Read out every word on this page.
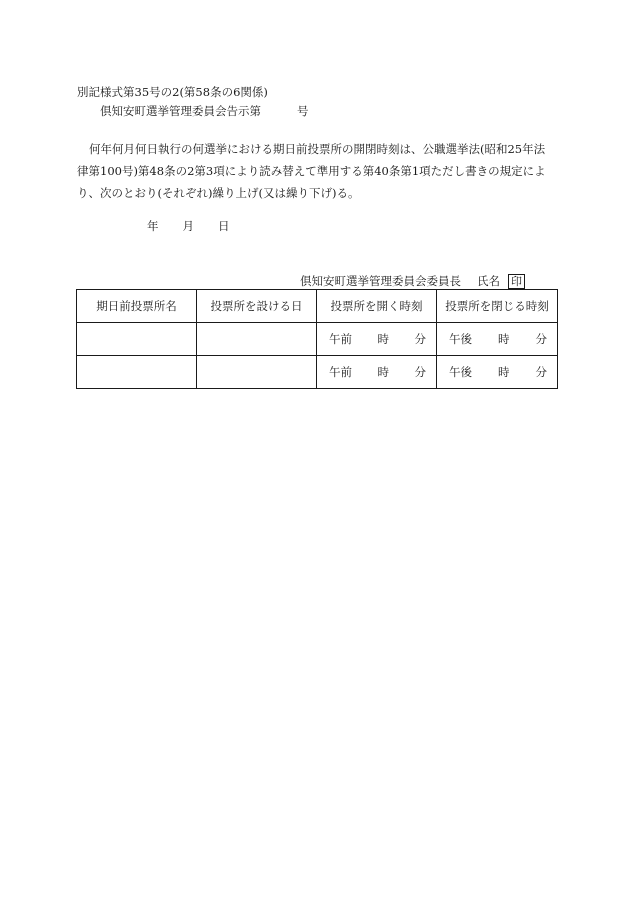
別記様式第35号の2(第58条の6関係)
倶知安町選挙管理委員会告示第	号
何年何月何日執行の何選挙における期日前投票所の開閉時刻は、公職選挙法(昭和25年法
律第100号)第48条の2第3項により読み替えて準用する第40条第1項ただし書きの規定によ
り、次のとおり(それぞれ)繰り上げ(又は繰り下げ)る。
年 月 日
倶知安町選挙管理委員会委員長 氏名 印
期日前投票所名	投票所を設ける日	投票所を開く時刻	投票所を閉じる時刻

		午前 時 分	午後 時 分

		午前 時 分	午後 時 分
